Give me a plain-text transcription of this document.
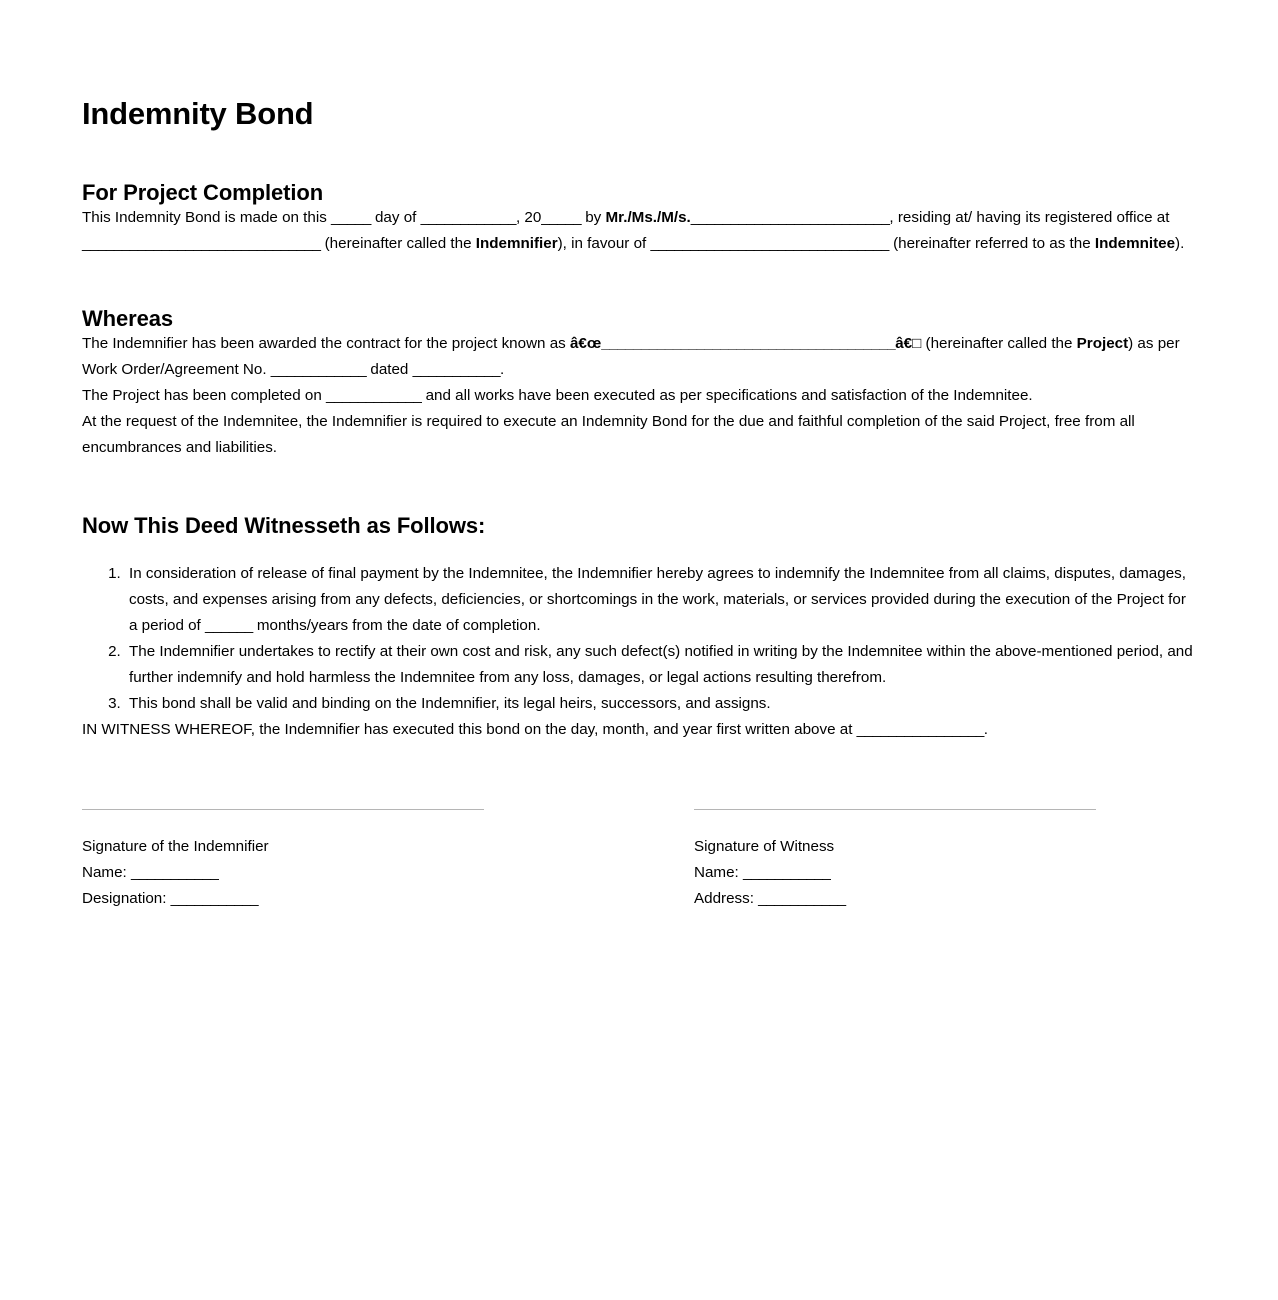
Indemnity Bond
For Project Completion

This Indemnity Bond is made on this _____ day of ____________, 20_____ by Mr./Ms./M/s._________________________, residing at/ having its registered office at ______________________________ (hereinafter called the Indemnifier), in favour of ______________________________ (hereinafter referred to as the Indemnitee).

Whereas

The Indemnifier has been awarded the contract for the project known as â€œ_____________________________________â€□ (hereinafter called the Project) as per Work Order/Agreement No. ____________ dated ___________.

The Project has been completed on ____________ and all works have been executed as per specifications and satisfaction of the Indemnitee.

At the request of the Indemnitee, the Indemnifier is required to execute an Indemnity Bond for the due and faithful completion of the said Project, free from all encumbrances and liabilities.

Now This Deed Witnesseth as Follows:
1. In consideration of release of final payment by the Indemnitee, the Indemnifier hereby agrees to indemnify the Indemnitee from all claims, disputes, damages, costs, and expenses arising from any defects, deficiencies, or shortcomings in the work, materials, or services provided during the execution of the Project for a period of ______ months/years from the date of completion.
2. The Indemnifier undertakes to rectify at their own cost and risk, any such defect(s) notified in writing by the Indemnitee within the above-mentioned period, and further indemnify and hold harmless the Indemnitee from any loss, damages, or legal actions resulting therefrom.
3. This bond shall be valid and binding on the Indemnifier, its legal heirs, successors, and assigns.

IN WITNESS WHEREOF, the Indemnifier has executed this bond on the day, month, and year first written above at ________________.

Signature of the Indemnifier
Name: ___________
Designation: ___________
Signature of Witness
Name: ___________
Address: ___________
